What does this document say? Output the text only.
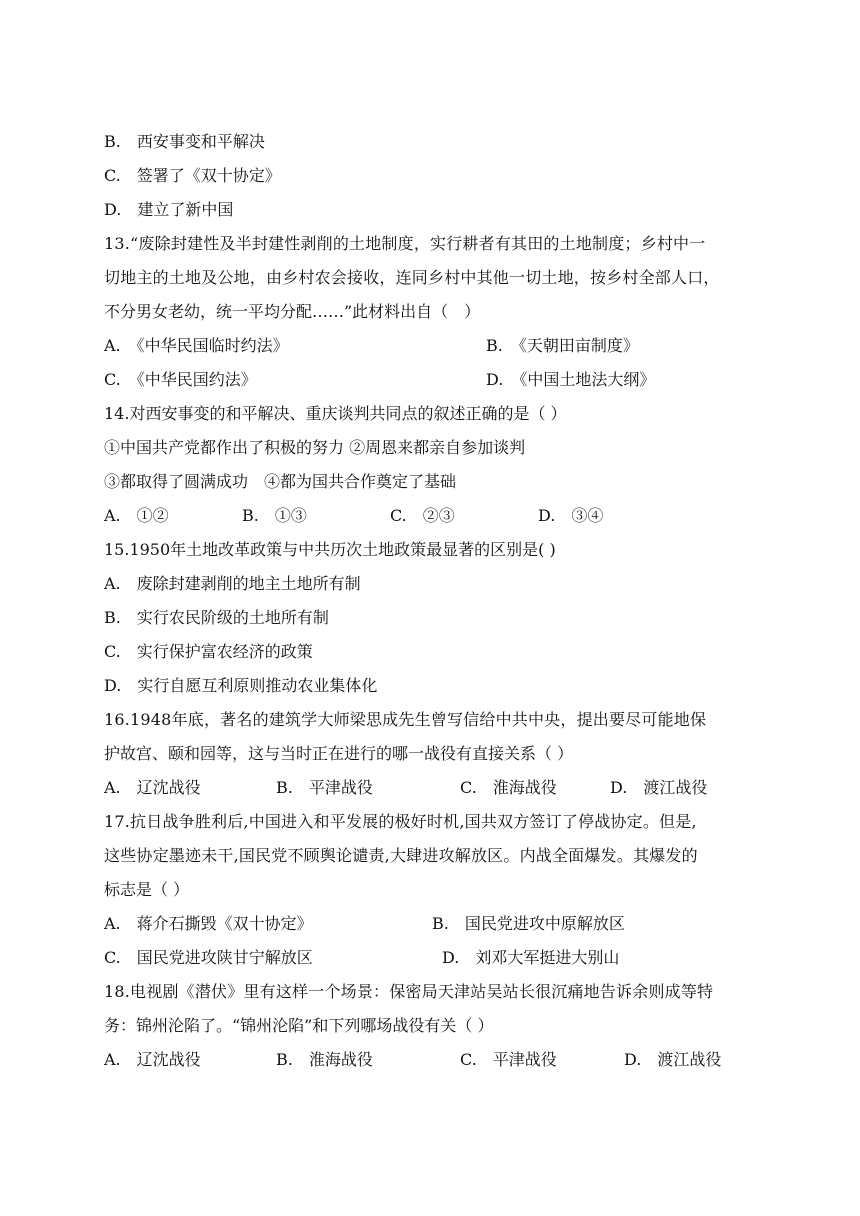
B.　西安事变和平解决
C.　签署了《双十协定》
D.　建立了新中国
13.“废除封建性及半封建性剥削的土地制度，实行耕者有其田的土地制度；乡村中一
切地主的土地及公地，由乡村农会接收，连同乡村中其他一切土地，按乡村全部人口，
不分男女老幼，统一平均分配……”此材料出自（　）
A.　《中华民国临时约法》	B.　《天朝田亩制度》
C.　《中华民国约法》	D.　《中国土地法大纲》
14.对西安事变的和平解决、重庆谈判共同点的叙述正确的是（ ）
①中国共产党都作出了积极的努力 ②周恩来都亲自参加谈判
③都取得了圆满成功　④都为国共合作奠定了基础
A.　①②	B.　①③	C.　②③	D.　③④
15.1950年土地改革政策与中共历次土地政策最显著的区别是( )
A.　废除封建剥削的地主土地所有制
B.　实行农民阶级的土地所有制
C.　实行保护富农经济的政策
D.　实行自愿互利原则推动农业集体化
16.1948年底，著名的建筑学大师梁思成先生曾写信给中共中央，提出要尽可能地保
护故宫、颐和园等，这与当时正在进行的哪一战役有直接关系（ ）
A.　辽沈战役	B.　平津战役	C.　淮海战役	D.　渡江战役
17.抗日战争胜利后,中国进入和平发展的极好时机,国共双方签订了停战协定。但是,
这些协定墨迹未干,国民党不顾舆论谴责,大肆进攻解放区。内战全面爆发。其爆发的
标志是（ ）
A.　蒋介石撕毁《双十协定》	B.　国民党进攻中原解放区
C.　国民党进攻陕甘宁解放区	D.　刘邓大军挺进大别山
18.电视剧《潜伏》里有这样一个场景：保密局天津站吴站长很沉痛地告诉余则成等特
务：锦州沦陷了。“锦州沦陷”和下列哪场战役有关（ ）
A.　辽沈战役	B.　淮海战役	C.　平津战役	D.　渡江战役
